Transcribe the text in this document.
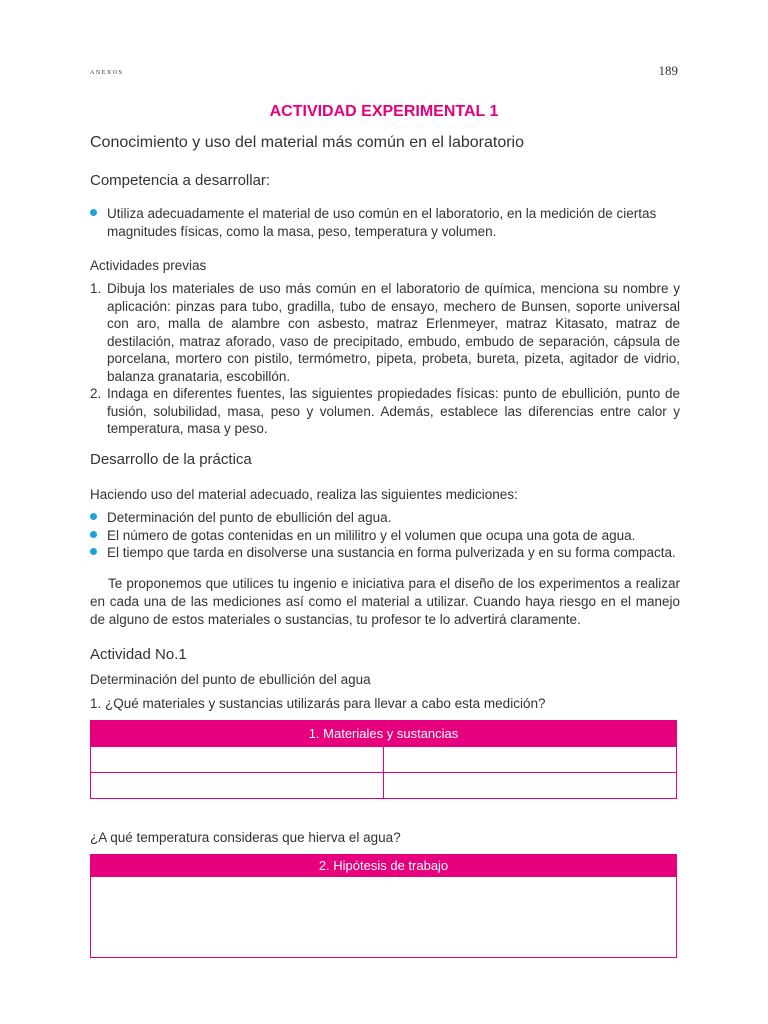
anexos	189
ACTIVIDAD EXPERIMENTAL 1
Conocimiento y uso del material más común en el laboratorio
Competencia a desarrollar:
Utiliza adecuadamente el material de uso común en el laboratorio, en la medición de ciertas magnitudes físicas, como la masa, peso, temperatura y volumen.
Actividades previas
1. Dibuja los materiales de uso más común en el laboratorio de química, menciona su nombre y aplicación: pinzas para tubo, gradilla, tubo de ensayo, mechero de Bunsen, soporte universal con aro, malla de alambre con asbesto, matraz Erlenmeyer, matraz Kitasato, matraz de destilación, matraz aforado, vaso de precipitado, embudo, embudo de separación, cápsula de porcelana, mortero con pistilo, termómetro, pipeta, probeta, bureta, pizeta, agitador de vidrio, balanza granataria, escobillón.
2. Indaga en diferentes fuentes, las siguientes propiedades físicas: punto de ebullición, punto de fusión, solubilidad, masa, peso y volumen. Además, establece las diferencias entre calor y temperatura, masa y peso.
Desarrollo de la práctica
Haciendo uso del material adecuado, realiza las siguientes mediciones:
Determinación del punto de ebullición del agua.
El número de gotas contenidas en un mililitro y el volumen que ocupa una gota de agua.
El tiempo que tarda en disolverse una sustancia en forma pulverizada y en su forma compacta.
Te proponemos que utilices tu ingenio e iniciativa para el diseño de los experimentos a realizar en cada una de las mediciones así como el material a utilizar. Cuando haya riesgo en el manejo de alguno de estos materiales o sustancias, tu profesor te lo advertirá claramente.
Actividad No.1
Determinación del punto de ebullición del agua
1. ¿Qué materiales y sustancias utilizarás para llevar a cabo esta medición?
1. Materiales y sustancias
¿A qué temperatura consideras que hierva el agua?
2. Hipótesis de trabajo
